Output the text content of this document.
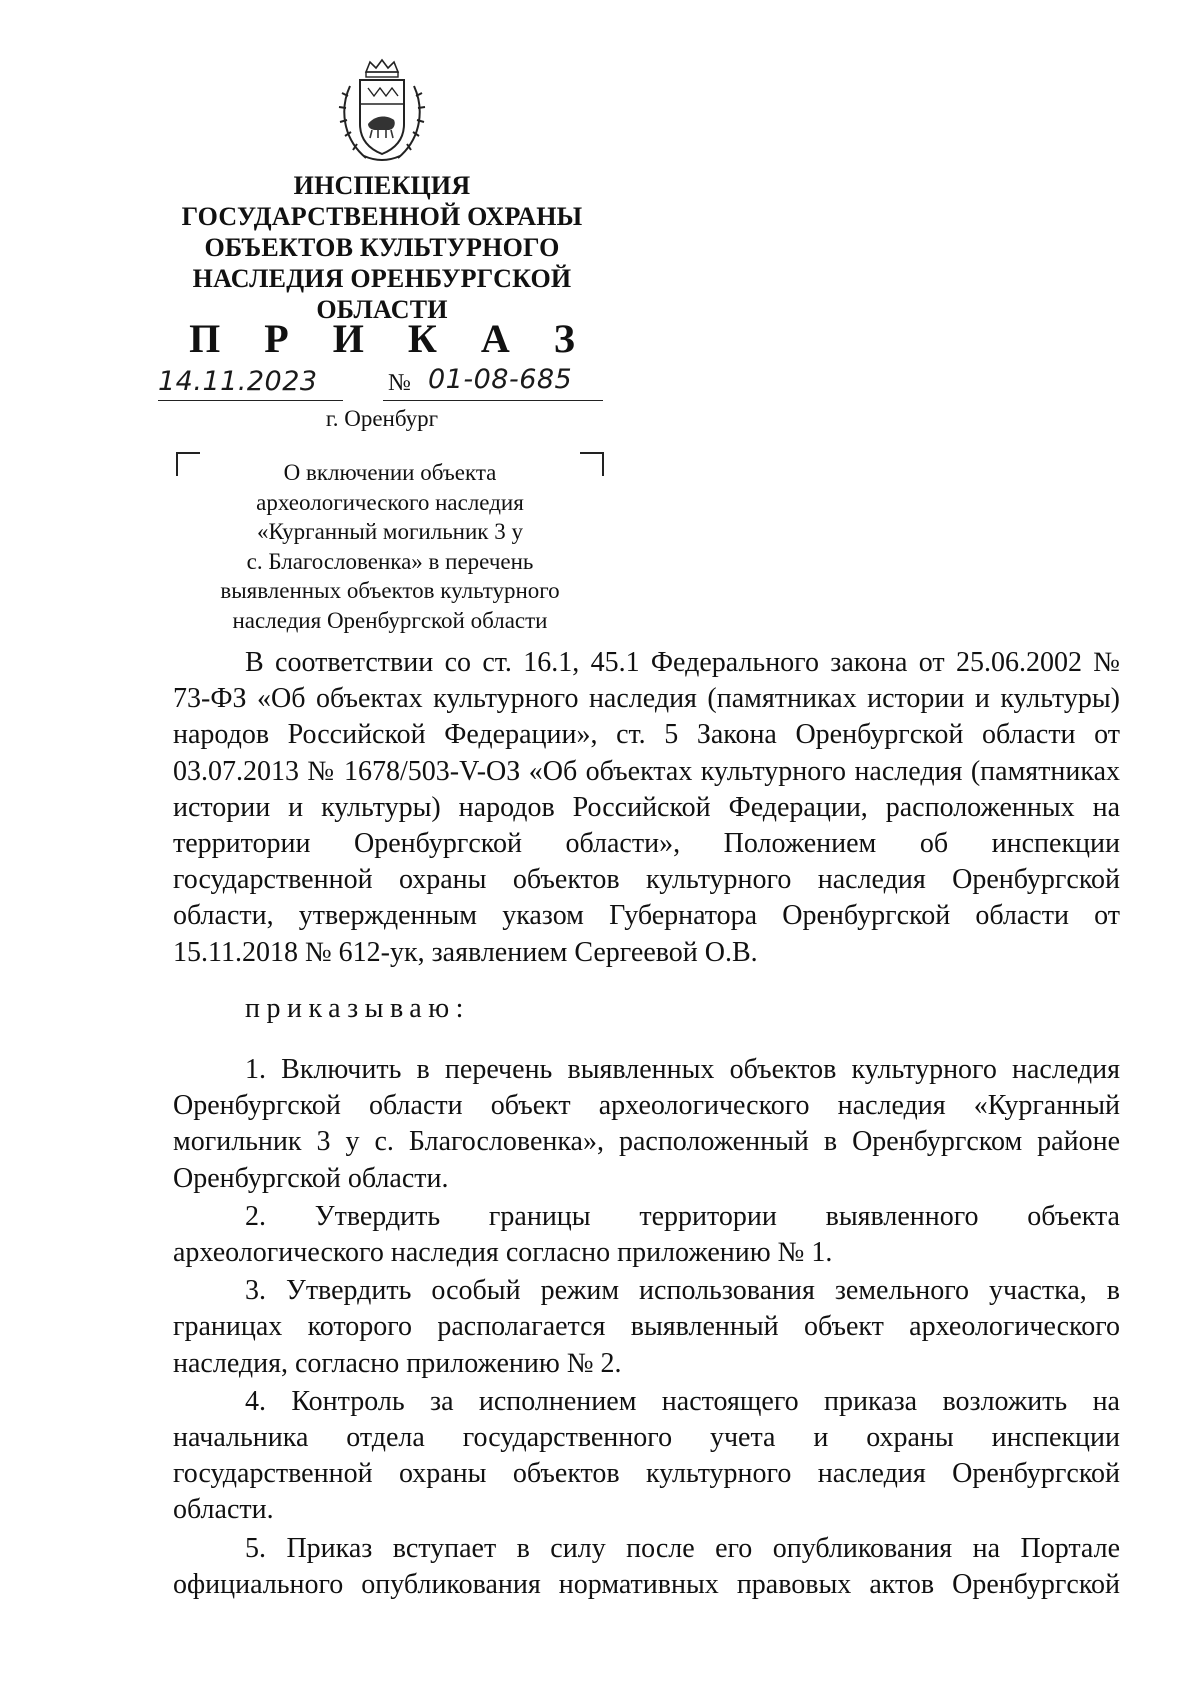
ИНСПЕКЦИЯ
ГОСУДАРСТВЕННОЙ ОХРАНЫ
ОБЪЕКТОВ КУЛЬТУРНОГО
НАСЛЕДИЯ ОРЕНБУРГСКОЙ
ОБЛАСТИ
П Р И К А З
14.11.2023	№ 01-08-685
г. Оренбург
О включении объекта
археологического наследия
«Курганный могильник 3 у
с. Благословенка» в перечень
выявленных объектов культурного
наследия Оренбургской области

В соответствии со ст. 16.1, 45.1 Федерального закона от 25.06.2002 № 73-ФЗ «Об объектах культурного наследия (памятниках истории и культуры) народов Российской Федерации», ст. 5 Закона Оренбургской области от 03.07.2013 № 1678/503-V-ОЗ «Об объектах культурного наследия (памятниках истории и культуры) народов Российской Федерации, расположенных на территории Оренбургской области», Положением об инспекции государственной охраны объектов культурного наследия Оренбургской области, утвержденным указом Губернатора Оренбургской области от 15.11.2018 № 612-ук, заявлением Сергеевой О.В.

приказываю:

1. Включить в перечень выявленных объектов культурного наследия Оренбургской области объект археологического наследия «Курганный могильник 3 у с. Благословенка», расположенный в Оренбургском районе Оренбургской области.

2. Утвердить границы территории выявленного объекта археологического наследия согласно приложению № 1.

3. Утвердить особый режим использования земельного участка, в границах которого располагается выявленный объект археологического наследия, согласно приложению № 2.

4. Контроль за исполнением настоящего приказа возложить на начальника отдела государственного учета и охраны инспекции государственной охраны объектов культурного наследия Оренбургской области.

5. Приказ вступает в силу после его опубликования на Портале официального опубликования нормативных правовых актов Оренбургской
